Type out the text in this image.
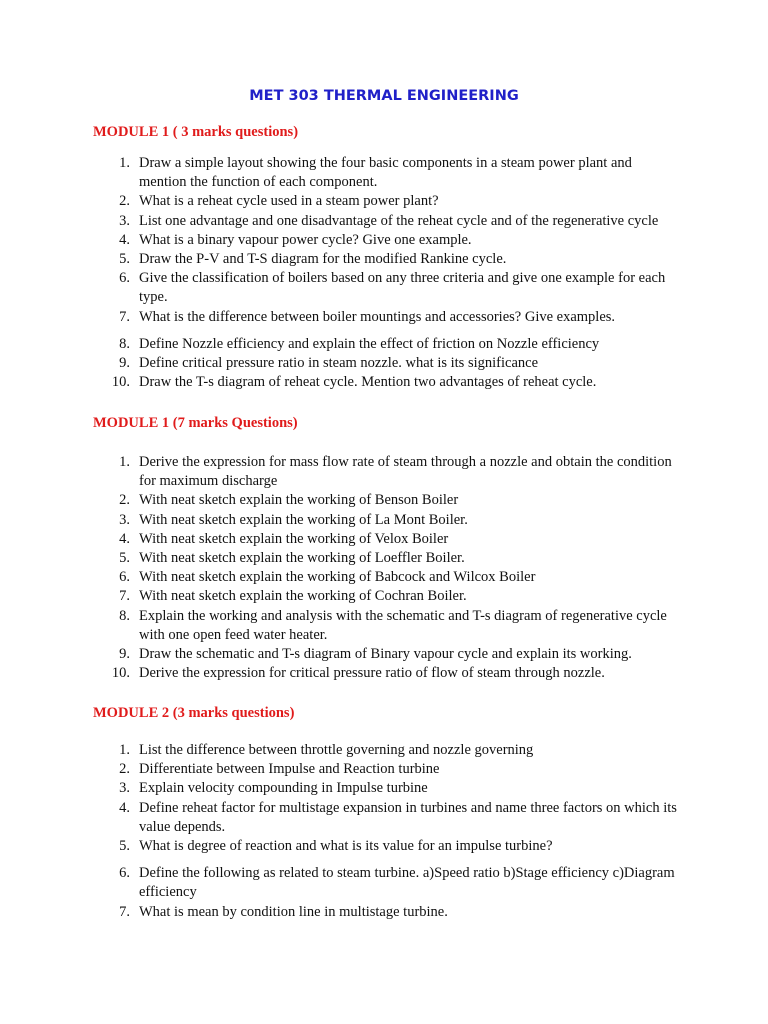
MET 303 THERMAL ENGINEERING
MODULE 1 ( 3 marks questions)
1. Draw a simple layout showing the four basic components in a steam power plant and mention the function of each component.
2. What is a reheat cycle used in a steam power plant?
3. List one advantage and one disadvantage of the reheat cycle and of the regenerative cycle
4. What is a binary vapour power cycle? Give one example.
5. Draw the P-V and T-S diagram for the modified Rankine cycle.
6. Give the classification of boilers based on any three criteria and give one example for each type.
7. What is the difference between boiler mountings and accessories? Give examples.
8. Define Nozzle efficiency and explain the effect of friction on Nozzle efficiency
9. Define critical pressure ratio in steam nozzle. what is its significance
10. Draw the T-s diagram of reheat cycle. Mention two advantages of reheat cycle.
MODULE 1 (7 marks Questions)
1. Derive the expression for mass flow rate of steam through a nozzle and obtain the condition for maximum discharge
2. With neat sketch explain the working of Benson Boiler
3. With neat sketch explain the working of La Mont Boiler.
4. With neat sketch explain the working of Velox Boiler
5. With neat sketch explain the working of Loeffler Boiler.
6. With neat sketch explain the working of Babcock and Wilcox Boiler
7. With neat sketch explain the working of Cochran Boiler.
8. Explain the working and analysis with the schematic and T-s diagram of regenerative cycle with one open feed water heater.
9. Draw the schematic and T-s diagram of Binary vapour cycle and explain its working.
10. Derive the expression for critical pressure ratio of flow of steam through nozzle.
MODULE 2 (3 marks questions)
1. List the difference between throttle governing and nozzle governing
2. Differentiate between Impulse and Reaction turbine
3. Explain velocity compounding in Impulse turbine
4. Define reheat factor for multistage expansion in turbines and name three factors on which its value depends.
5. What is degree of reaction and what is its value for an impulse turbine?
6. Define the following as related to steam turbine. a)Speed ratio b)Stage efficiency c)Diagram efficiency
7. What is mean by condition line in multistage turbine.
